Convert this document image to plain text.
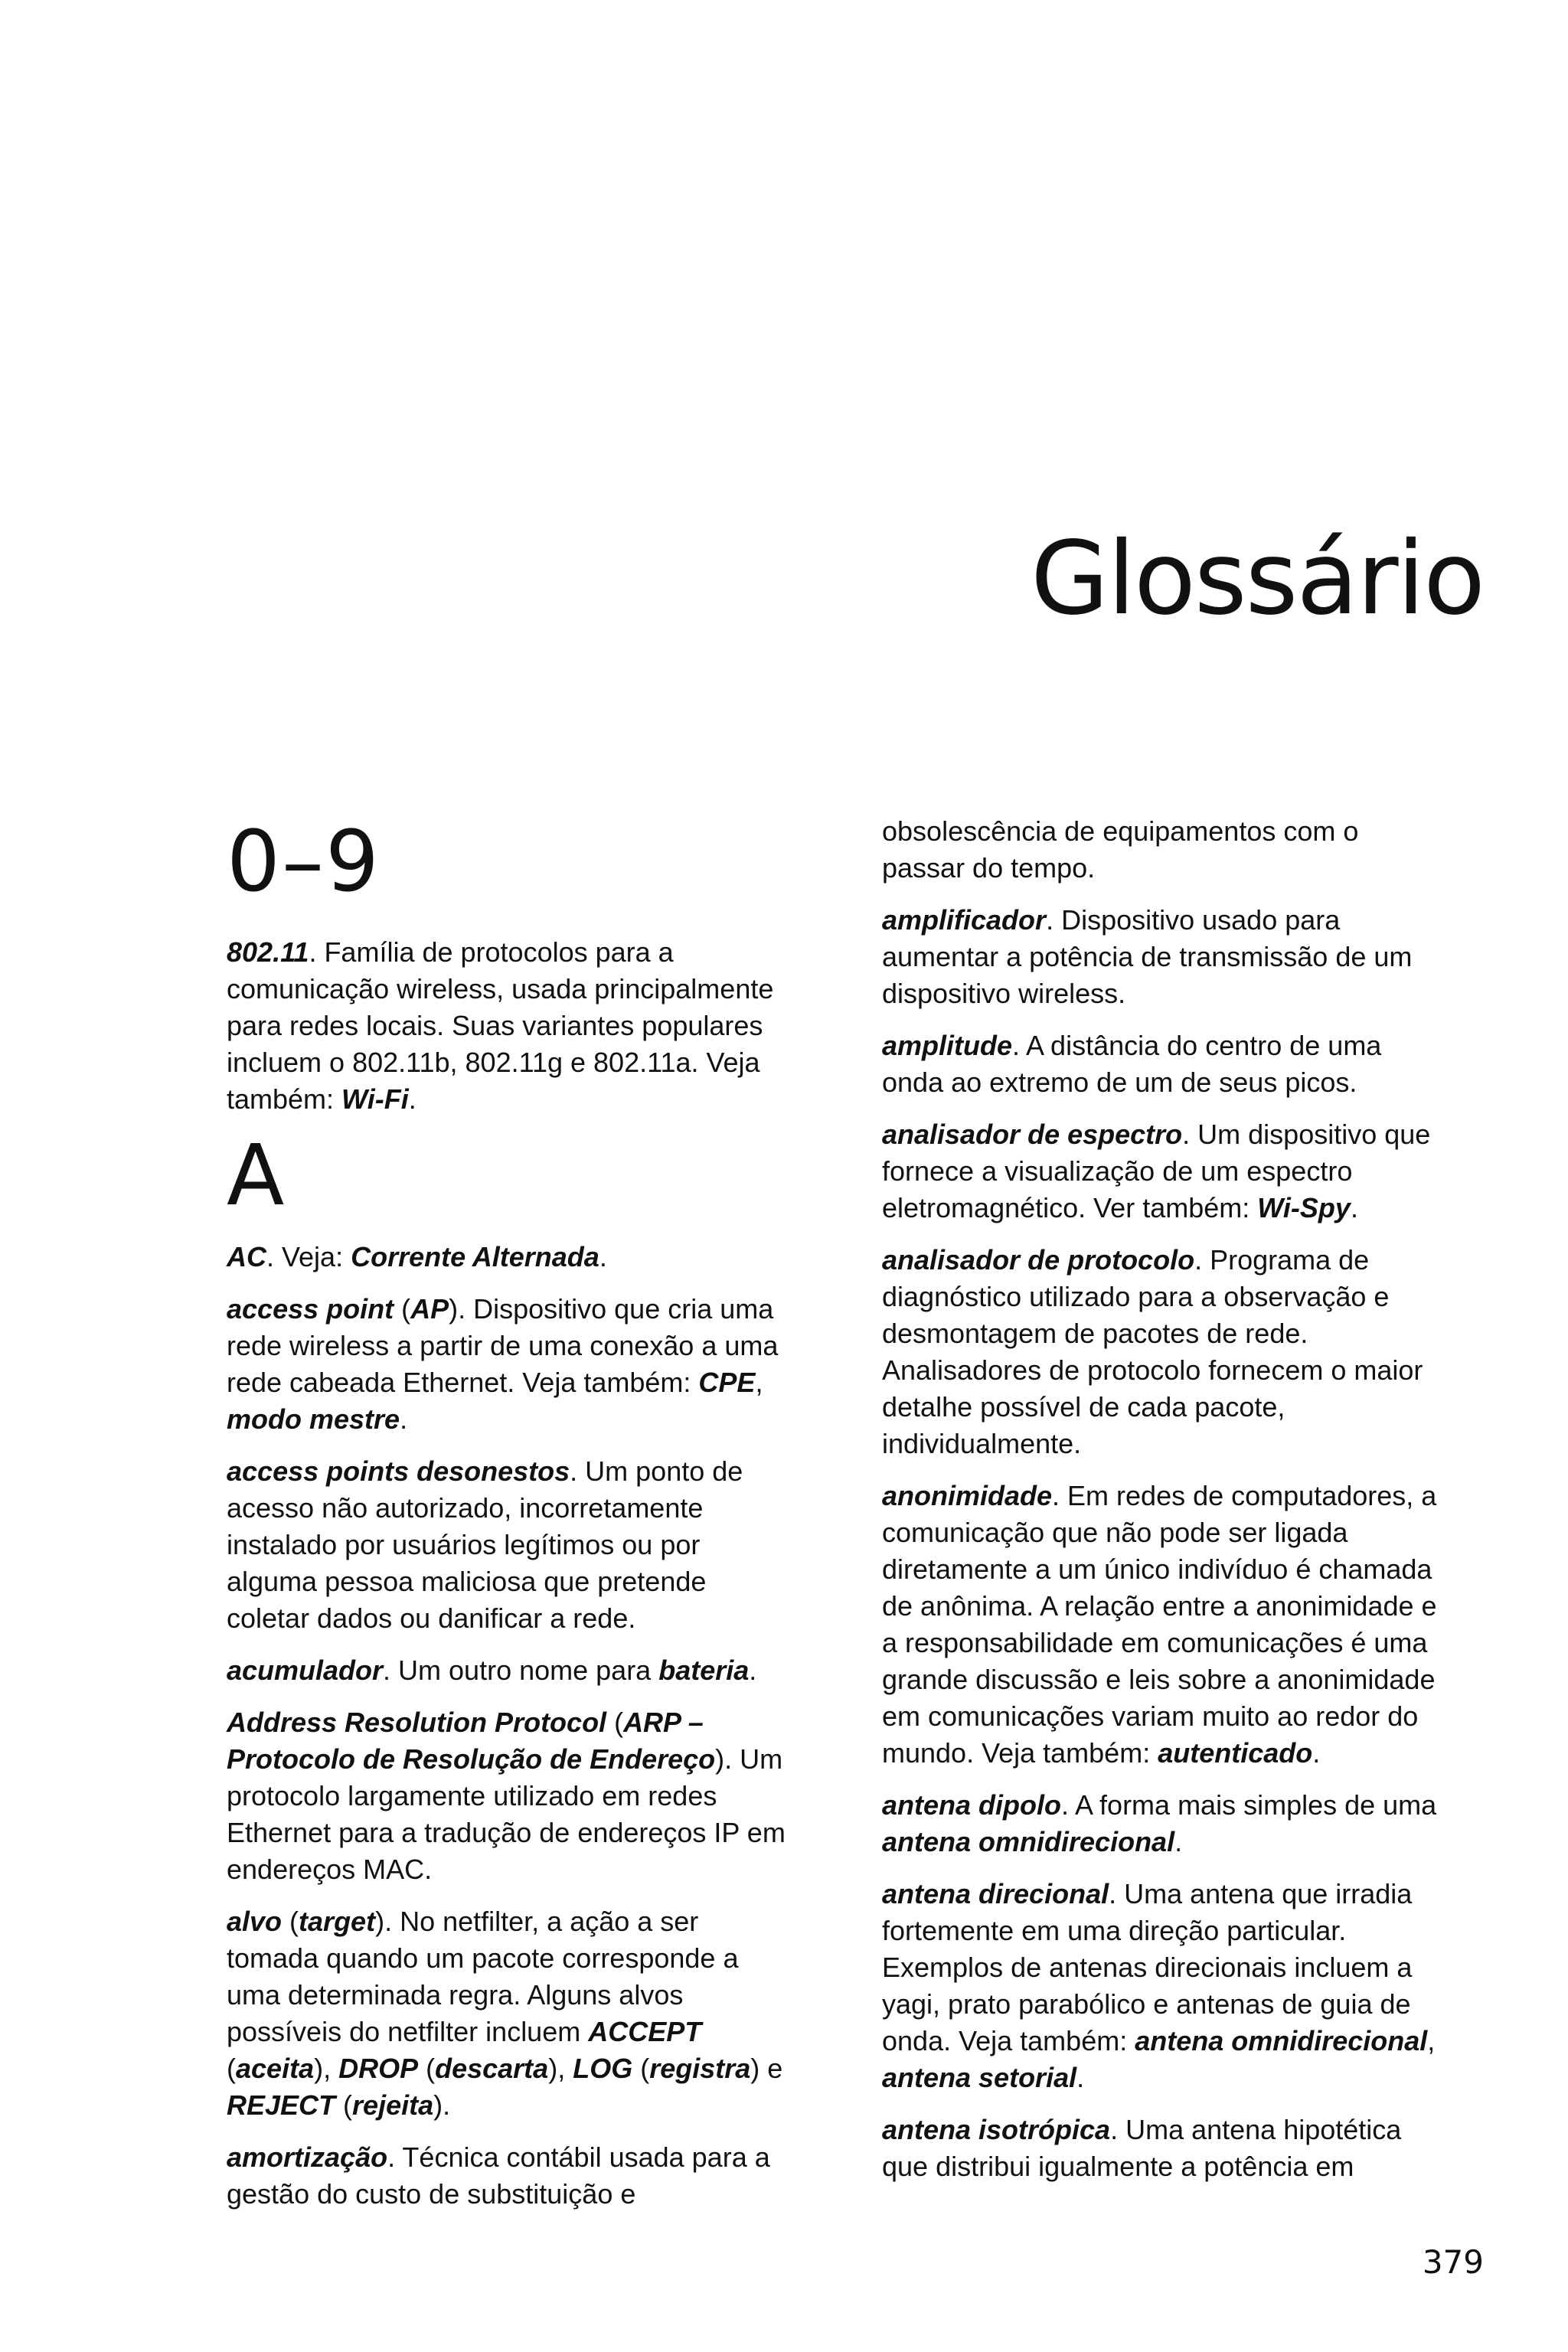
Glossário
0–9

802.11. Família de protocolos para a comunicação wireless, usada principalmente para redes locais. Suas variantes populares incluem o 802.11b, 802.11g e 802.11a. Veja também: Wi-Fi.

A

AC. Veja: Corrente Alternada.

access point (AP). Dispositivo que cria uma rede wireless a partir de uma conexão a uma rede cabeada Ethernet. Veja também: CPE, modo mestre.

access points desonestos. Um ponto de acesso não autorizado, incorretamente instalado por usuários legítimos ou por alguma pessoa maliciosa que pretende coletar dados ou danificar a rede.

acumulador. Um outro nome para bateria.

Address Resolution Protocol (ARP – Protocolo de Resolução de Endereço). Um protocolo largamente utilizado em redes Ethernet para a tradução de endereços IP em endereços MAC.

alvo (target). No netfilter, a ação a ser tomada quando um pacote corresponde a uma determinada regra. Alguns alvos possíveis do netfilter incluem ACCEPT (aceita), DROP (descarta), LOG (registra) e REJECT (rejeita).

amortização. Técnica contábil usada para a gestão do custo de substituição e

obsolescência de equipamentos com o passar do tempo.

amplificador. Dispositivo usado para aumentar a potência de transmissão de um dispositivo wireless.

amplitude. A distância do centro de uma onda ao extremo de um de seus picos.

analisador de espectro. Um dispositivo que fornece a visualização de um espectro eletromagnético. Ver também: Wi-Spy.

analisador de protocolo. Programa de diagnóstico utilizado para a observação e desmontagem de pacotes de rede. Analisadores de protocolo fornecem o maior detalhe possível de cada pacote, individualmente.

anonimidade. Em redes de computadores, a comunicação que não pode ser ligada diretamente a um único indivíduo é chamada de anônima. A relação entre a anonimidade e a responsabilidade em comunicações é uma grande discussão e leis sobre a anonimidade em comunicações variam muito ao redor do mundo. Veja também: autenticado.

antena dipolo. A forma mais simples de uma antena omnidirecional.

antena direcional. Uma antena que irradia fortemente em uma direção particular. Exemplos de antenas direcionais incluem a yagi, prato parabólico e antenas de guia de onda. Veja também: antena omnidirecional, antena setorial.

antena isotrópica. Uma antena hipotética que distribui igualmente a potência em

379
